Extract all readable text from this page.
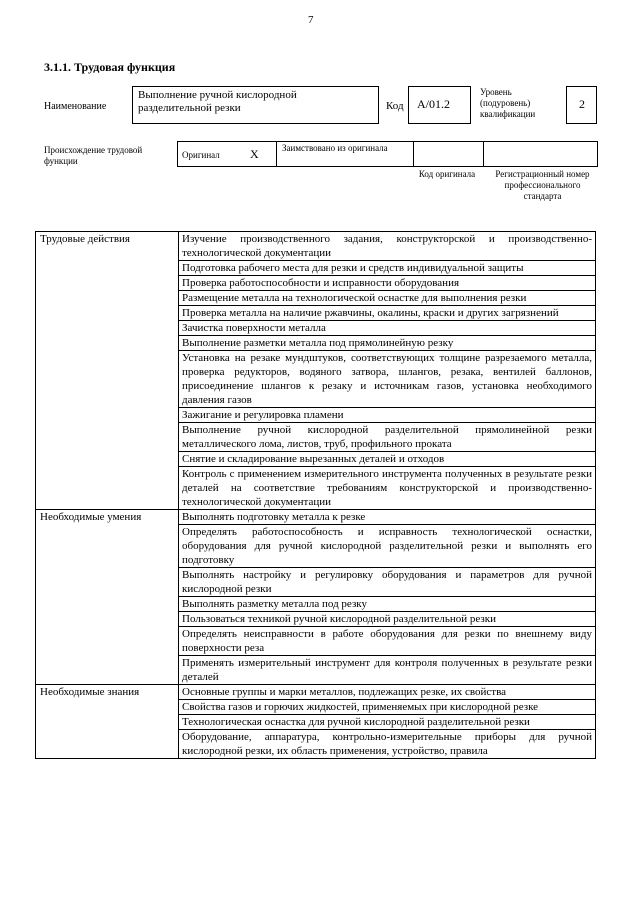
7
3.1.1. Трудовая функция
Наименование
Выполнение ручной кислородной разделительной резки	Код	А/01.2
Уровень (подуровень) квалификации
2
Происхождение трудовой функции
Оригинал	X	Заимствовано из оригинала
Код оригинала	Регистрационный номер профессионального стандарта
Трудовые действия	Изучение производственного задания, конструкторской и производственно-технологической документации
	Подготовка рабочего места для резки и средств индивидуальной защиты
	Проверка работоспособности и исправности оборудования
	Размещение металла на технологической оснастке для выполнения резки
	Проверка металла на наличие ржавчины, окалины, краски и других загрязнений
	Зачистка поверхности металла
	Выполнение разметки металла под прямолинейную резку
	Установка на резаке мундштуков, соответствующих толщине разрезаемого металла, проверка редукторов, водяного затвора, шлангов, резака, вентилей баллонов, присоединение шлангов к резаку и источникам газов, установка необходимого давления газов
	Зажигание и регулировка пламени
	Выполнение ручной кислородной разделительной прямолинейной резки металлического лома, листов, труб, профильного проката
	Снятие и складирование вырезанных деталей и отходов
	Контроль с применением измерительного инструмента полученных в результате резки деталей на соответствие требованиям конструкторской и производственно-технологической документации
Необходимые умения	Выполнять подготовку металла к резке
	Определять работоспособность и исправность технологической оснастки, оборудования для ручной кислородной разделительной резки и выполнять его подготовку
	Выполнять настройку и регулировку оборудования и параметров для ручной кислородной резки
	Выполнять разметку металла под резку
	Пользоваться техникой ручной кислородной разделительной резки
	Определять неисправности в работе оборудования для резки по внешнему виду поверхности реза
	Применять измерительный инструмент для контроля полученных в результате резки деталей
Необходимые знания	Основные группы и марки металлов, подлежащих резке, их свойства
	Свойства газов и горючих жидкостей, применяемых при кислородной резке
	Технологическая оснастка для ручной кислородной разделительной резки
	Оборудование, аппаратура, контрольно-измерительные приборы для ручной кислородной резки, их область применения, устройство, правила
